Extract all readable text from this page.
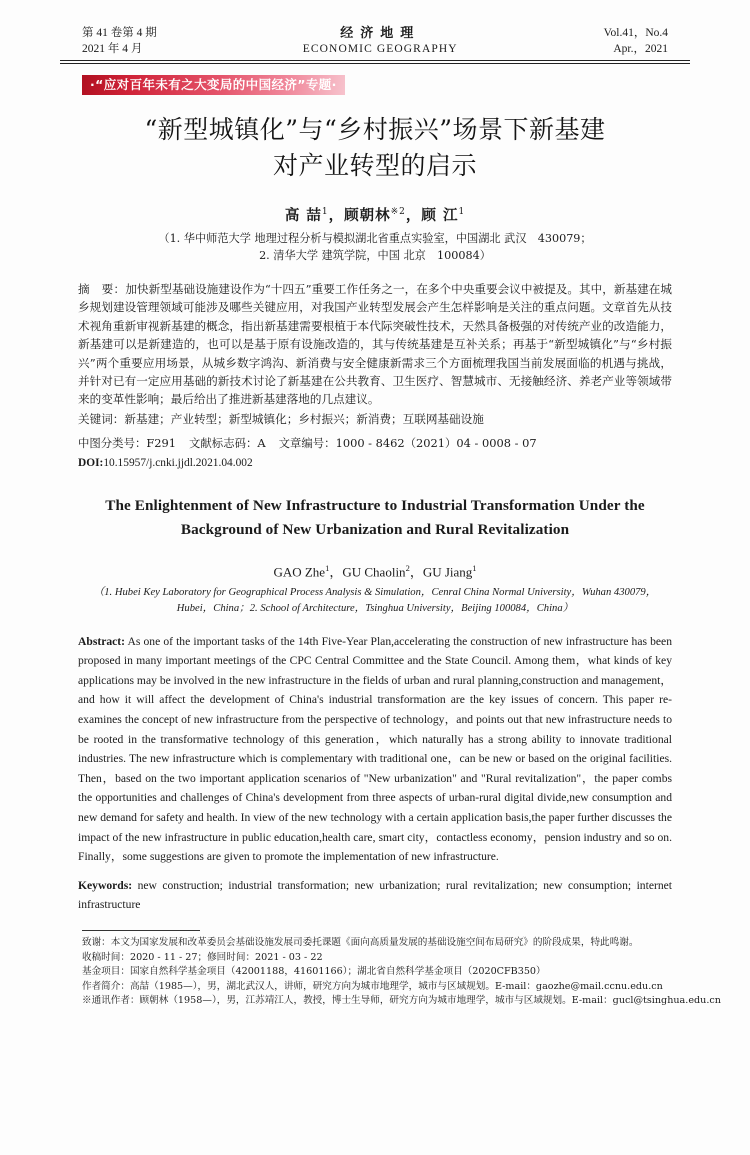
第 41 卷第 4 期
2021 年 4 月
经济地理
ECONOMIC GEOGRAPHY
Vol.41，No.4
Apr.，2021
·“应对百年未有之大变局的中国经济”专题·
“新型城镇化”与“乡村振兴”场景下新基建
对产业转型的启示
高 喆$^1$，顾朝林$^{※2}$，顾 江$^1$
（1. 华中师范大学 地理过程分析与模拟湖北省重点实验室，中国湖北 武汉　430079；
2. 清华大学 建筑学院，中国 北京　100084）
摘　要：加快新型基础设施建设作为“十四五”重要工作任务之一，在多个中央重要会议中被提及。其中，新基建在城乡规划建设管理领域可能涉及哪些关键应用，对我国产业转型发展会产生怎样影响是关注的重点问题。文章首先从技术视角重新审视新基建的概念，指出新基建需要根植于本代际突破性技术，天然具备极强的对传统产业的改造能力，新基建可以是新建造的，也可以是基于原有设施改造的，其与传统基建是互补关系；再基于“新型城镇化”与“乡村振兴”两个重要应用场景，从城乡数字鸿沟、新消费与安全健康新需求三个方面梳理我国当前发展面临的机遇与挑战，并针对已有一定应用基础的新技术讨论了新基建在公共教育、卫生医疗、智慧城市、无接触经济、养老产业等领域带来的变革性影响；最后给出了推进新基建落地的几点建议。
关键词：新基建；产业转型；新型城镇化；乡村振兴；新消费；互联网基础设施
中图分类号：F291 文献标志码：A 文章编号：1000 - 8462（2021）04 - 0008 - 07
DOI:10.15957/j.cnki.jjdl.2021.04.002
The Enlightenment of New Infrastructure to Industrial Transformation Under the
Background of New Urbanization and Rural Revitalization
GAO Zhe$^1$，GU Chaolin$^2$，GU Jiang$^1$
（1. Hubei Key Laboratory for Geographical Process Analysis & Simulation，Cenral China Normal University，Wuhan 430079，
Hubei，China；2. School of Architecture，Tsinghua University，Beijing 100084，China）
Abstract: As one of the important tasks of the 14th Five-Year Plan,accelerating the construction of new infrastructure has been proposed in many important meetings of the CPC Central Committee and the State Council. Among them，what kinds of key applications may be involved in the new infrastructure in the fields of urban and rural planning,construction and management，and how it will affect the development of China's industrial transformation are the key issues of concern. This paper re-examines the concept of new infrastructure from the perspective of technology，and points out that new infrastructure needs to be rooted in the transformative technology of this generation，which naturally has a strong ability to innovate traditional industries. The new infrastructure which is complementary with traditional one，can be new or based on the original facilities. Then，based on the two important application scenarios of "New urbanization" and "Rural revitalization"，the paper combs the opportunities and challenges of China's development from three aspects of urban-rural digital divide,new consumption and new demand for safety and health. In view of the new technology with a certain application basis,the paper further discusses the impact of the new infrastructure in public education,health care, smart city，contactless economy，pension industry and so on. Finally，some suggestions are given to promote the implementation of new infrastructure.
Keywords: new construction; industrial transformation; new urbanization; rural revitalization; new consumption; internet infrastructure
致谢：本文为国家发展和改革委员会基础设施发展司委托课题《面向高质量发展的基础设施空间布局研究》的阶段成果，特此鸣谢。
收稿时间：2020 - 11 - 27；修回时间：2021 - 03 - 22
基金项目：国家自然科学基金项目（42001188，41601166）；湖北省自然科学基金项目（2020CFB350）
作者简介：高喆（1985—），男，湖北武汉人，讲师，研究方向为城市地理学，城市与区域规划。E-mail：gaozhe@mail.ccnu.edu.cn
※通讯作者：顾朝林（1958—），男，江苏靖江人，教授，博士生导师，研究方向为城市地理学，城市与区域规划。E-mail：gucl@tsinghua.edu.cn
